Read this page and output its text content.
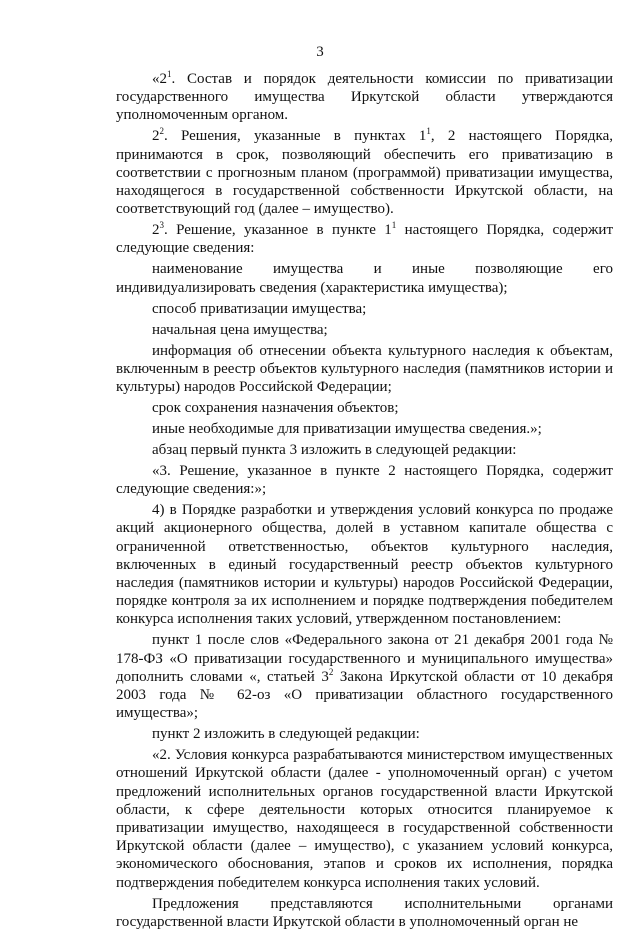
3

«$2^1$. Состав и порядок деятельности комиссии по приватизации государственного имущества Иркутской области утверждаются уполномоченным органом.

$2^2$. Решения, указанные в пунктах $1^1$, 2 настоящего Порядка, принимаются в срок, позволяющий обеспечить его приватизацию в соответствии с прогнозным планом (программой) приватизации имущества, находящегося в государственной собственности Иркутской области, на соответствующий год (далее – имущество).

$2^3$. Решение, указанное в пункте $1^1$ настоящего Порядка, содержит следующие сведения:

наименование имущества и иные позволяющие его индивидуализировать сведения (характеристика имущества);

способ приватизации имущества;

начальная цена имущества;

информация об отнесении объекта культурного наследия к объектам, включенным в реестр объектов культурного наследия (памятников истории и культуры) народов Российской Федерации;

срок сохранения назначения объектов;

иные необходимые для приватизации имущества сведения.»;

абзац первый пункта 3 изложить в следующей редакции:

«3. Решение, указанное в пункте 2 настоящего Порядка, содержит следующие сведения:»;

4) в Порядке разработки и утверждения условий конкурса по продаже акций акционерного общества, долей в уставном капитале общества с ограниченной ответственностью, объектов культурного наследия, включенных в единый государственный реестр объектов культурного наследия (памятников истории и культуры) народов Российской Федерации, порядке контроля за их исполнением и порядке подтверждения победителем конкурса исполнения таких условий, утвержденном постановлением:

пункт 1 после слов «Федерального закона от 21 декабря 2001 года № 178-ФЗ «О приватизации государственного и муниципального имущества» дополнить словами «, статьей $3^2$ Закона Иркутской области от 10 декабря 2003 года № 62-оз «О приватизации областного государственного имущества»;

пункт 2 изложить в следующей редакции:

«2. Условия конкурса разрабатываются министерством имущественных отношений Иркутской области (далее - уполномоченный орган) с учетом предложений исполнительных органов государственной власти Иркутской области, к сфере деятельности которых относится планируемое к приватизации имущество, находящееся в государственной собственности Иркутской области (далее – имущество), с указанием условий конкурса, экономического обоснования, этапов и сроков их исполнения, порядка подтверждения победителем конкурса исполнения таких условий.

Предложения представляются исполнительными органами государственной власти Иркутской области в уполномоченный орган не
